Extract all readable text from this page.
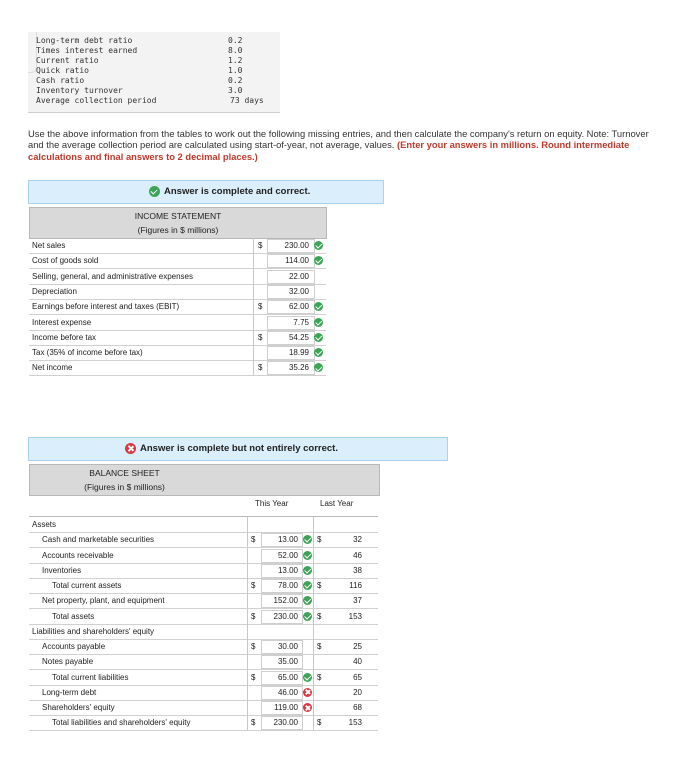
Long-term debt ratio	0.2
Times interest earned	8.0
Current ratio	1.2
Quick ratio	1.0
Cash ratio	0.2
Inventory turnover	3.0
Average collection period	73 days
Use the above information from the tables to work out the following missing entries, and then calculate the company's return on equity. Note: Turnover and the average collection period are calculated using start-of-year, not average, values. (Enter your answers in millions. Round intermediate calculations and final answers to 2 decimal places.)
Answer is complete and correct.
INCOME STATEMENT
(Figures in $ millions)
Net sales	$	230.00
Cost of goods sold	114.00
Selling, general, and administrative expenses	22.00
Depreciation	32.00
Earnings before interest and taxes (EBIT)	$	62.00
Interest expense	7.75
Income before tax	$	54.25
Tax (35% of income before tax)	18.99
Net income	$	35.26
Answer is complete but not entirely correct.
BALANCE SHEET
(Figures in $ millions)
This Year	Last Year
Assets
Cash and marketable securities	$	13.00 $	32
Accounts receivable	52.00	46
Inventories	13.00	38
Total current assets	$	78.00 $	116
Net property, plant, and equipment	152.00	37
Total assets	$	230.00 $	153
Liabilities and shareholders' equity
Accounts payable	$	30.00 $	25
Notes payable	35.00	40
Total current liabilities	$	65.00 $	65
Long-term debt	46.00	20
Shareholders' equity	119.00	68
Total liabilities and shareholders' equity	$	230.00 $	153
